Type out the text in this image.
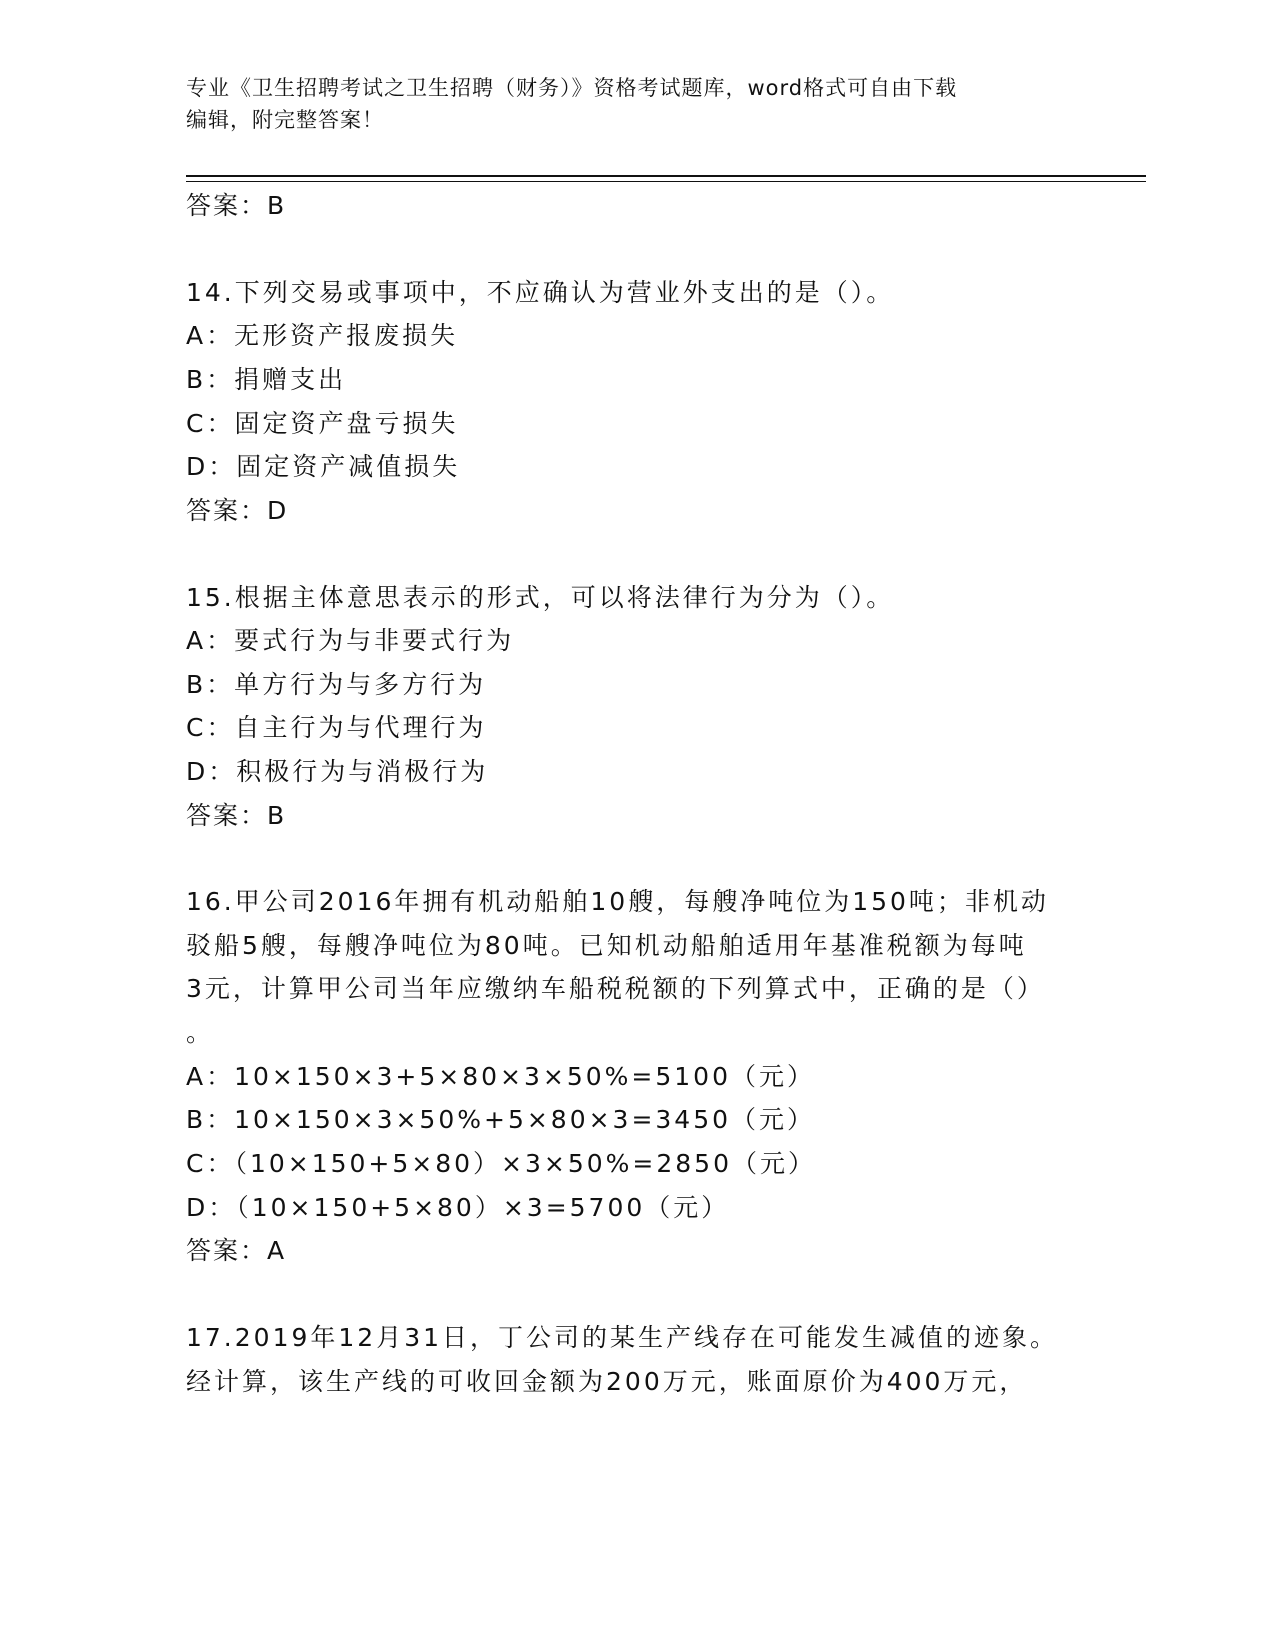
专业《卫生招聘考试之卫生招聘（财务）》资格考试题库，word格式可自由下载
编辑，附完整答案！
答案：B
14.下列交易或事项中，不应确认为营业外支出的是（）。
A：无形资产报废损失
B：捐赠支出
C：固定资产盘亏损失
D：固定资产减值损失
答案：D
15.根据主体意思表示的形式，可以将法律行为分为（）。
A：要式行为与非要式行为
B：单方行为与多方行为
C：自主行为与代理行为
D：积极行为与消极行为
答案：B
16.甲公司2016年拥有机动船舶10艘，每艘净吨位为150吨；非机动
驳船5艘，每艘净吨位为80吨。已知机动船舶适用年基准税额为每吨
3元，计算甲公司当年应缴纳车船税税额的下列算式中，正确的是（）
。
A：10×150×3+5×80×3×50%=5100（元）
B：10×150×3×50%+5×80×3=3450（元）
C：（10×150+5×80）×3×50%=2850（元）
D：（10×150+5×80）×3=5700（元）
答案：A
17.2019年12月31日，丁公司的某生产线存在可能发生减值的迹象。
经计算，该生产线的可收回金额为200万元，账面原价为400万元，
